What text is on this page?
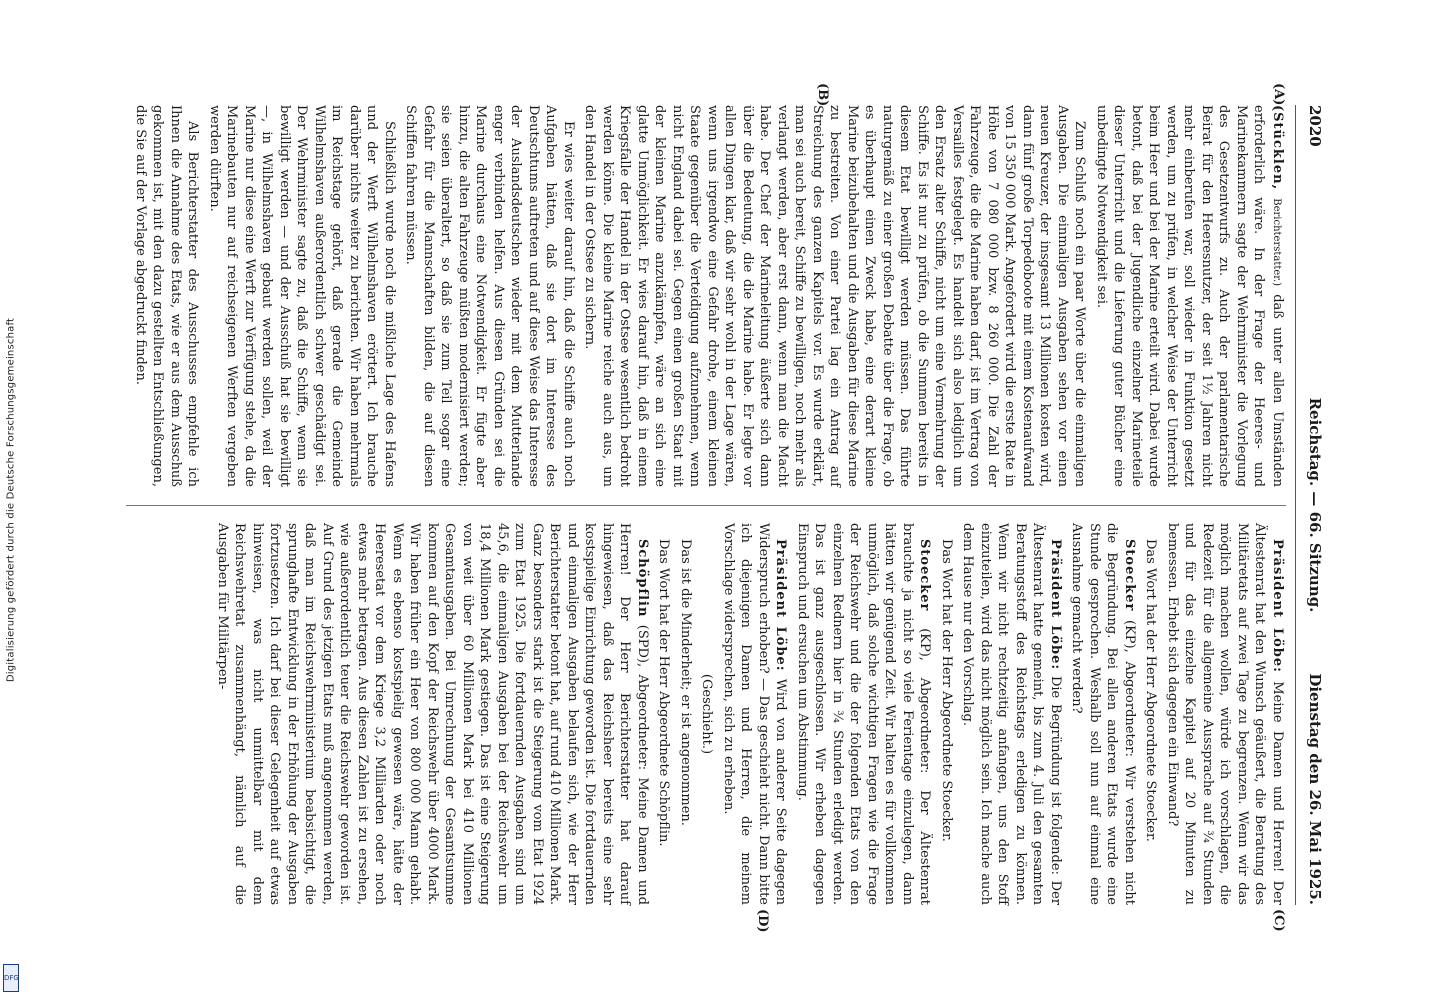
Digitalisierung gefördert durch die Deutsche Forschungsgemeinschaft
DFG
2020
Reichstag. — 66. Sitzung.
Dienstag den 26. Mai 1925.
(A)
(B)
(C)
(D)

(Stücklen, Berichterstatter.) daß unter allen Umständen erforderlich wäre. In der Frage der Heeres- und Marinekammern sagte der Wehrminister die Vorlegung des Gesetzentwurfs zu. Auch der parlamentarische Beirat für den Heeresnutzer, der seit 1½ Jahren nicht mehr einberufen war, soll wieder in Funktion gesetzt werden, um zu prüfen, in welcher Weise der Unterricht beim Heer und bei der Marine erteilt wird. Dabei wurde betont, daß bei der Jugendliche einzelner Marineteile dieser Unterricht und die Lieferung guter Bücher eine unbedingte Notwendigkeit sei.

Zum Schluß noch ein paar Worte über die einmaligen Ausgaben. Die einmaligen Ausgaben sehen vor einen neuen Kreuzer, der insgesamt 13 Millionen kosten wird, dann fünf große Torpedoboote mit einem Kostenaufwand von 15 350 000 Mark. Angefordert wird die erste Rate in Höhe von 7 080 000 bzw. 8 260 000. Die Zahl der Fahrzeuge, die die Marine haben darf, ist im Vertrag von Versailles festgelegt. Es handelt sich also lediglich um den Ersatz alter Schiffe, nicht um eine Vermehrung der Schiffe. Es ist nur zu prüfen, ob die Summen bereits in diesem Etat bewilligt werden müssen. Das führte naturgemäß zu einer großen Debatte über die Frage, ob es überhaupt einen Zweck habe, eine derart kleine Marine beizubehalten und die Ausgaben für diese Marine zu bestreiten. Von einer Partei lag ein Antrag auf Streichung des ganzen Kapitels vor. Es wurde erklärt, man sei auch bereit, Schiffe zu bewilligen, noch mehr als verlangt werden, aber erst dann, wenn man die Macht habe. Der Chef der Marineleitung äußerte sich dann über die Bedeutung, die die Marine habe. Er legte vor allen Dingen klar, daß wir sehr wohl in der Lage wären, wenn uns irgendwo eine Gefahr drohe, einem kleinen Staate gegenüber die Verteidigung aufzunehmen, wenn nicht England dabei sei. Gegen einen großen Staat mit der kleinen Marine anzukämpfen, wäre an sich eine glatte Unmöglichkeit. Er wies darauf hin, daß in einem Kriegsfalle der Handel in der Ostsee wesentlich bedroht werden könne. Die kleine Marine reiche auch aus, um den Handel in der Ostsee zu sichern.

Er wies weiter darauf hin, daß die Schiffe auch noch Aufgaben hätten, daß sie dort im Interesse des Deutschtums auftreten und auf diese Weise das Interesse der Auslandsdeutschen wieder mit dem Mutterlande enger verbinden helfen. Aus diesen Gründen sei die Marine durchaus eine Notwendigkeit. Er fügte aber hinzu, die alten Fahrzeuge müßten modernisiert werden; sie seien überaltert, so daß sie zum Teil sogar eine Gefahr für die Mannschaften bilden, die auf diesen Schiffen fahren müssen.

Schließlich wurde noch die mißliche Lage des Hafens und der Werft Wilhelmshaven erörtert. Ich brauche darüber nichts weiter zu berichten. Wir haben mehrmals im Reichstage gehört, daß gerade die Gemeinde Wilhelmshaven außerordentlich schwer geschädigt sei. Der Wehrminister sagte zu, daß die Schiffe, wenn sie bewilligt werden — und der Ausschuß hat sie bewilligt —, in Wilhelmshaven gebaut werden sollen, weil der Marine nur diese eine Werft zur Verfügung stehe, da die Marinebauten nur auf reichseigenen Werften vergeben werden dürften.

Als Berichterstatter des Ausschusses empfehle ich Ihnen die Annahme des Etats, wie er aus dem Ausschuß gekommen ist, mit den dazu gestellten Entschließungen, die Sie auf der Vorlage abgedruckt finden.

Präsident Löbe: Meine Damen und Herren! Der Ältestenrat hat den Wunsch geäußert, die Beratung des Militäretats auf zwei Tage zu begrenzen. Wenn wir das möglich machen wollen, würde ich vorschlagen, die Redezeit für die allgemeine Aussprache auf ¾ Stunden und für das einzelne Kapitel auf 20 Minuten zu bemessen. Erhebt sich dagegen ein Einwand?

Das Wort hat der Herr Abgeordnete Stoecker.

Stoecker (KP), Abgeordneter: Wir verstehen nicht die Begründung. Bei allen anderen Etats wurde eine Stunde gesprochen. Weshalb soll nun auf einmal eine Ausnahme gemacht werden?

Präsident Löbe: Die Begründung ist folgende: Der Ältestenrat hatte gemeint, bis zum 4. Juli den gesamten Beratungsstoff des Reichstags erledigen zu können. Wenn wir nicht rechtzeitig anfangen, uns den Stoff einzuteilen, wird das nicht möglich sein. Ich mache auch dem Hause nur den Vorschlag.

Das Wort hat der Herr Abgeordnete Stoecker.

Stoecker (KP), Abgeordneter: Der Ältestenrat brauchte ja nicht so viele Ferientage einzulegen, dann hätten wir genügend Zeit. Wir halten es für vollkommen unmöglich, daß solche wichtigen Fragen wie die Frage der Reichswehr und die der folgenden Etats von den einzelnen Rednern hier in ¾ Stunden erledigt werden. Das ist ganz ausgeschlossen. Wir erheben dagegen Einspruch und ersuchen um Abstimmung.

Präsident Löbe: Wird von anderer Seite dagegen Widerspruch erhoben? — Das geschieht nicht. Dann bitte ich diejenigen Damen und Herren, die meinem Vorschlage widersprechen, sich zu erheben.

(Geschieht.)

Das ist die Minderheit; er ist angenommen.

Das Wort hat der Herr Abgeordnete Schöpflin.

Schöpflin (SPD), Abgeordneter: Meine Damen und Herren! Der Herr Berichterstatter hat darauf hingewiesen, daß das Reichsheer bereits eine sehr kostspielige Einrichtung geworden ist. Die fortdauernden und einmaligen Ausgaben belaufen sich, wie der Herr Berichterstatter betont hat, auf rund 410 Millionen Mark. Ganz besonders stark ist die Steigerung vom Etat 1924 zum Etat 1925. Die fortdauernden Ausgaben sind um 45,6, die einmaligen Ausgaben bei der Reichswehr um 18,4 Millionen Mark gestiegen. Das ist eine Steigerung von weit über 60 Millionen Mark bei 410 Millionen Gesamtausgaben. Bei Umrechnung der Gesamtsumme kommen auf den Kopf der Reichswehr über 4000 Mark. Wir haben früher ein Heer von 800 000 Mann gehabt. Wenn es ebenso kostspielig gewesen wäre, hätte der Heeresetat vor dem Kriege 3,2 Milliarden oder noch etwas mehr betragen. Aus diesen Zahlen ist zu ersehen, wie außerordentlich teuer die Reichswehr geworden ist. Auf Grund des jetzigen Etats muß angenommen werden, daß man im Reichswehrministerium beabsichtigt, die sprunghafte Entwicklung in der Erhöhung der Ausgaben fortzusetzen. Ich darf bei dieser Gelegenheit auf etwas hinweisen, was nicht unmittelbar mit dem Reichswehretat zusammenhängt, nämlich auf die Ausgaben für Militärpen-
